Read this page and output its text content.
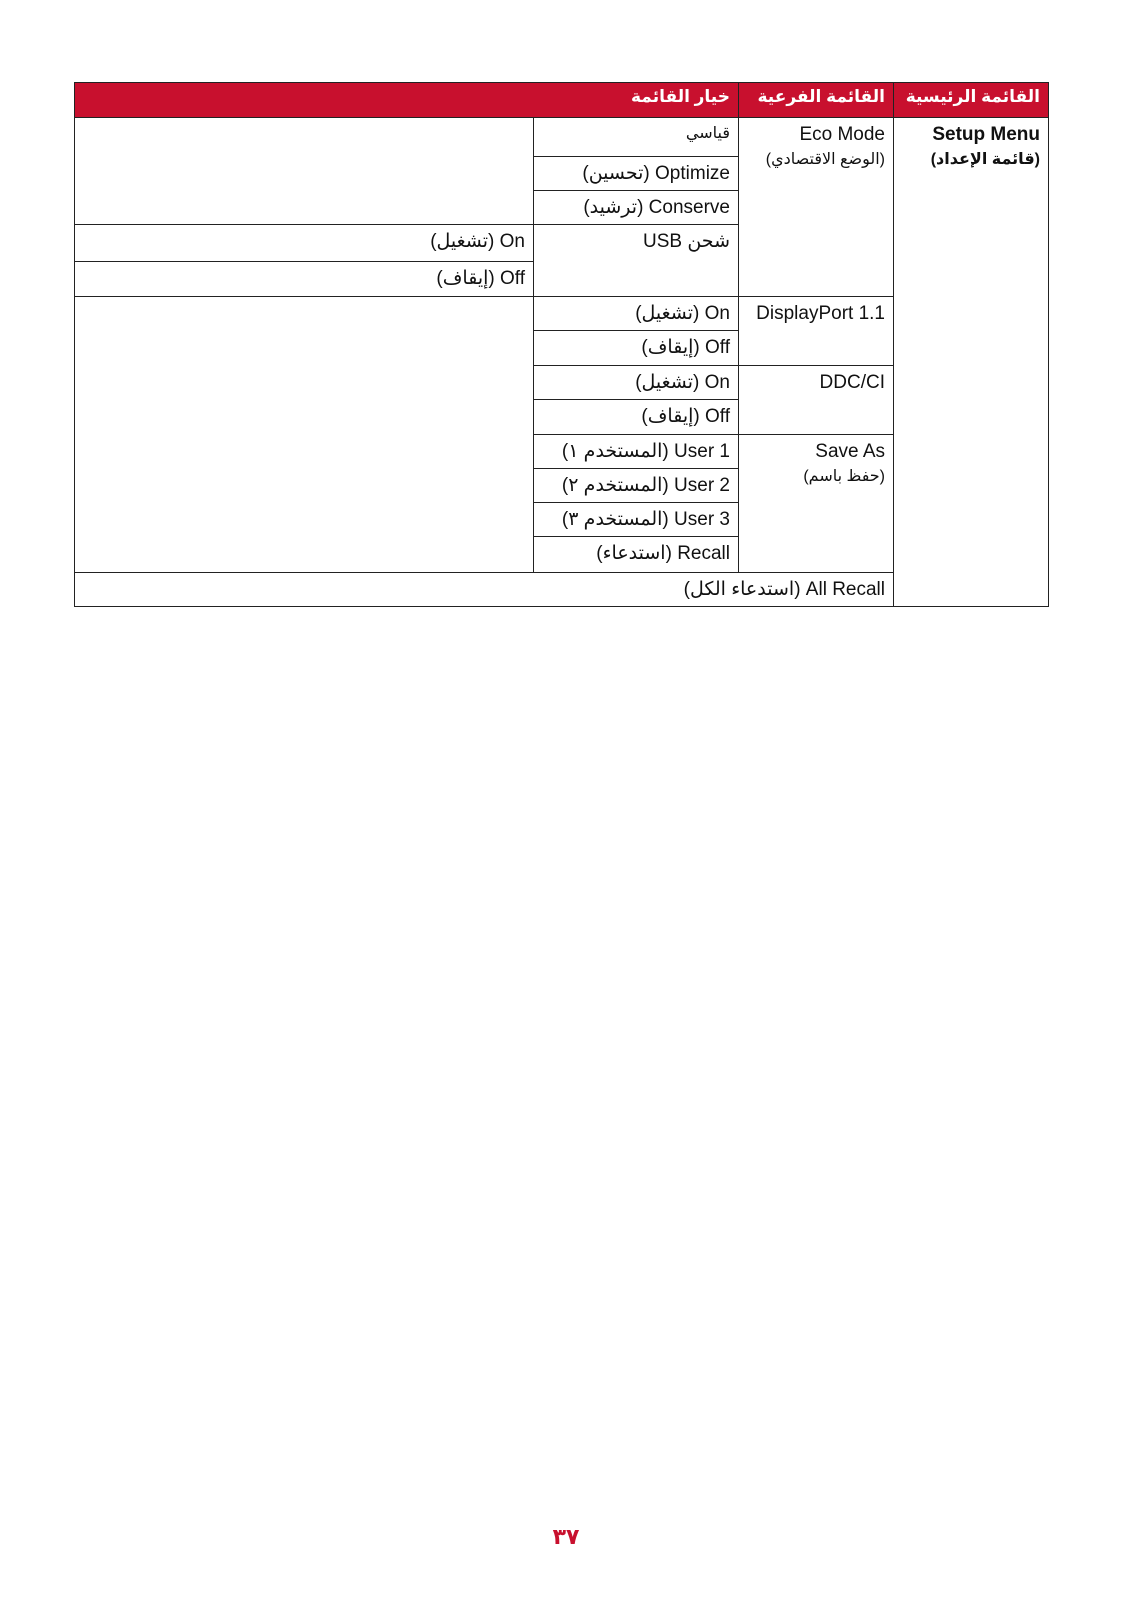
خيار القائمة	القائمة الفرعية	القائمة الرئيسية
Setup Menu
(قائمة الإعداد)
Eco Mode
(الوضع الاقتصادي)
DisplayPort 1.1
DDC/CI
Save As
(حفظ باسم)
قياسي
(تحسين) Optimize
(ترشيد) Conserve
USB شحن
(تشغيل) On
(إيقاف) Off
(تشغيل) On
(إيقاف) Off
(تشغيل) On
(إيقاف) Off
(المستخدم ١) User 1
(المستخدم ٢) User 2
(المستخدم ٣) User 3
(استدعاء) Recall
(استدعاء الكل) All Recall
٣٧
